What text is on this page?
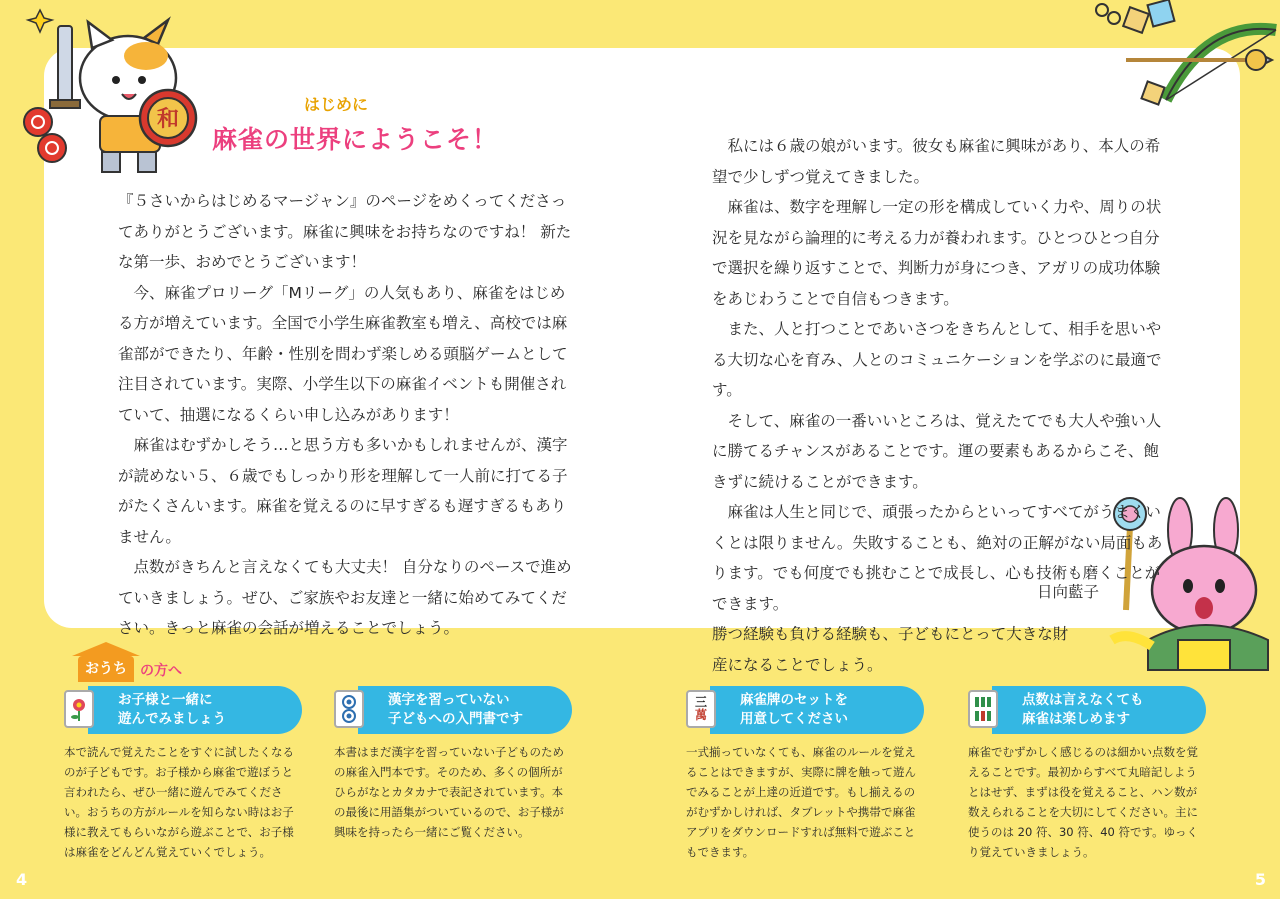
和
はじめに
麻雀の世界にようこそ！

『５さいからはじめるマージャン』のページをめくってくださってありがとうございます。麻雀に興味をお持ちなのですね！ 新たな第一歩、おめでとうございます！

今、麻雀プロリーグ「Mリーグ」の人気もあり、麻雀をはじめる方が増えています。全国で小学生麻雀教室も増え、高校では麻雀部ができたり、年齢・性別を問わず楽しめる頭脳ゲームとして注目されています。実際、小学生以下の麻雀イベントも開催されていて、抽選になるくらい申し込みがあります！

麻雀はむずかしそう…と思う方も多いかもしれませんが、漢字が読めない５、６歳でもしっかり形を理解して一人前に打てる子がたくさんいます。麻雀を覚えるのに早すぎるも遅すぎるもありません。

点数がきちんと言えなくても大丈夫！ 自分なりのペースで進めていきましょう。ぜひ、ご家族やお友達と一緒に始めてみてください。きっと麻雀の会話が増えることでしょう。

私には６歳の娘がいます。彼女も麻雀に興味があり、本人の希望で少しずつ覚えてきました。

麻雀は、数字を理解し一定の形を構成していく力や、周りの状況を見ながら論理的に考える力が養われます。ひとつひとつ自分で選択を繰り返すことで、判断力が身につき、アガリの成功体験をあじわうことで自信もつきます。

また、人と打つことであいさつをきちんとして、相手を思いやる大切な心を育み、人とのコミュニケーションを学ぶのに最適です。

そして、麻雀の一番いいところは、覚えたてでも大人や強い人に勝てるチャンスがあることです。運の要素もあるからこそ、飽きずに続けることができます。

麻雀は人生と同じで、頑張ったからといってすべてがうまくいくとは限りません。失敗することも、絶対の正解がない局面もあります。でも何度でも挑むことで成長し、心も技術も磨くことができます。

勝つ経験も負ける経験も、子どもにとって大きな財産になることでしょう。

日向藍子
おうち の方へ
お子様と一緒に
遊んでみましょう
本で読んで覚えたことをすぐに試したくなるのが子どもです。お子様から麻雀で遊ぼうと言われたら、ぜひ一緒に遊んでみてください。おうちの方がルールを知らない時はお子様に教えてもらいながら遊ぶことで、お子様は麻雀をどんどん覚えていくでしょう。
漢字を習っていない
子どもへの入門書です
本書はまだ漢字を習っていない子どものための麻雀入門本です。そのため、多くの個所がひらがなとカタカナで表記されています。本の最後に用語集がついているので、お子様が興味を持ったら一緒にご覧ください。
三
萬
麻雀牌のセットを
用意してください
一式揃っていなくても、麻雀のルールを覚えることはできますが、実際に牌を触って遊んでみることが上達の近道です。もし揃えるのがむずかしければ、タブレットや携帯で麻雀アプリをダウンロードすれば無料で遊ぶこともできます。
点数は言えなくても
麻雀は楽しめます
麻雀でむずかしく感じるのは細かい点数を覚えることです。最初からすべて丸暗記しようとはせず、まずは役を覚えること、ハン数が数えられることを大切にしてください。主に使うのは 20 符、30 符、40 符です。ゆっくり覚えていきましょう。
4	5
